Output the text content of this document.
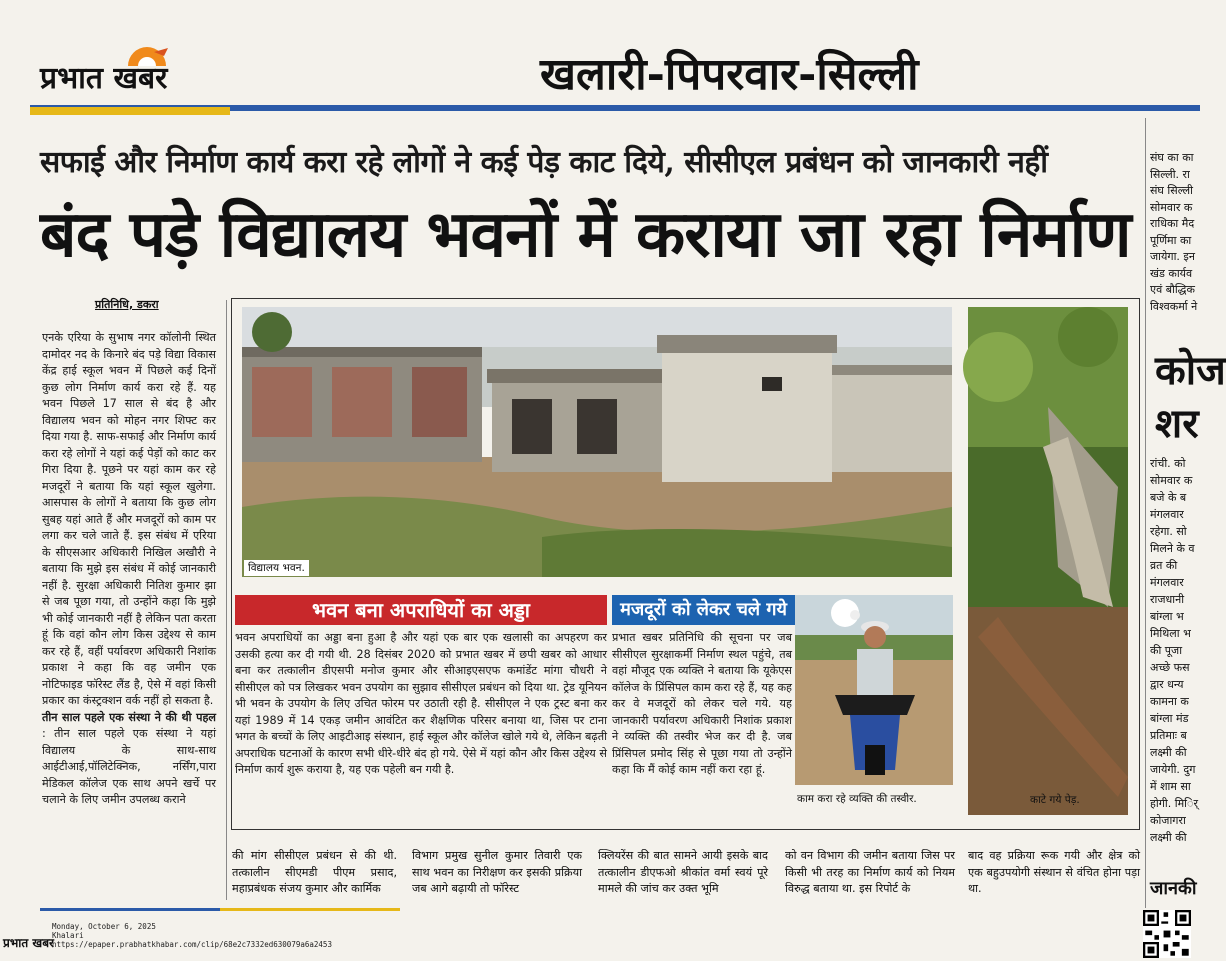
प्रभात खबर	खलारी-पिपरवार-सिल्ली
सफाई और निर्माण कार्य करा रहे लोगों ने कई पेड़ काट दिये, सीसीएल प्रबंधन को जानकारी नहीं
बंद पड़े विद्यालय भवनों में कराया जा रहा निर्माण
प्रतिनिधि, डकरा

एनके एरिया के सुभाष नगर कॉलोनी स्थित दामोदर नद के किनारे बंद पड़े विद्या विकास केंद्र हाई स्कूल भवन में पिछले कई दिनों कुछ लोग निर्माण कार्य करा रहे हैं. यह भवन पिछले 17 साल से बंद है और विद्यालय भवन को मोहन नगर शिफ्ट कर दिया गया है. साफ-सफाई और निर्माण कार्य करा रहे लोगों ने यहां कई पेड़ों को काट कर गिरा दिया है. पूछने पर यहां काम कर रहे मजदूरों ने बताया कि यहां स्कूल खुलेगा. आसपास के लोगों ने बताया कि कुछ लोग सुबह यहां आते हैं और मजदूरों को काम पर लगा कर चले जाते हैं. इस संबंध में एरिया के सीएसआर अधिकारी निखिल अखौरी ने बताया कि मुझे इस संबंध में कोई जानकारी नहीं है. सुरक्षा अधिकारी नितिश कुमार झा से जब पूछा गया, तो उन्होंने कहा कि मुझे भी कोई जानकारी नहीं है लेकिन पता करता हूं कि वहां कौन लोग किस उद्देश्य से काम कर रहे हैं, वहीं पर्यावरण अधिकारी निशांक प्रकाश ने कहा कि वह जमीन एक नोटिफाइड फॉरेस्ट लैंड है, ऐसे में वहां किसी प्रकार का कंस्ट्रक्शन वर्क नहीं हो सकता है.

तीन साल पहले एक संस्था ने की थी पहल : तीन साल पहले एक संस्था ने यहां विद्यालय के साथ-साथ आईटीआई,पॉलिटेक्निक, नर्सिंग,पारा मेडिकल कॉलेज एक साथ अपने खर्चे पर चलाने के लिए जमीन उपलब्ध कराने

विद्यालय भवन.
काटे गये पेड़.
भवन बना अपराधियों का अड्डा	मजदूरों को लेकर चले गये
भवन अपराधियों का अड्डा बना हुआ है और यहां एक बार एक खलासी का अपहरण कर उसकी हत्या कर दी गयी थी. 28 दिसंबर 2020 को प्रभात खबर में छपी खबर को आधार बना कर तत्कालीन डीएसपी मनोज कुमार और सीआइएसएफ कमांडेंट मांगा चौधरी ने सीसीएल को पत्र लिखकर भवन उपयोग का सुझाव सीसीएल प्रबंधन को दिया था. ट्रेड यूनियन भी भवन के उपयोग के लिए उचित फोरम पर उठाती रही है. सीसीएल ने एक ट्रस्ट बना कर यहां 1989 में 14 एकड़ जमीन आवंटित कर शैक्षणिक परिसर बनाया था, जिस पर टाना भगत के बच्चों के लिए आइटीआइ संस्थान, हाई स्कूल और कॉलेज खोले गये थे, लेकिन बढ़ती अपराधिक घटनाओं के कारण सभी धीरे-धीरे बंद हो गये. ऐसे में यहां कौन और किस उद्देश्य से निर्माण कार्य शुरू कराया है, यह एक पहेली बन गयी है.
प्रभात खबर प्रतिनिधि की सूचना पर जब सीसीएल सुरक्षाकर्मी निर्माण स्थल पहुंचे, तब वहां मौजूद एक व्यक्ति ने बताया कि यूकेएस कॉलेज के प्रिंसिपल काम करा रहे हैं, यह कह कर वे मजदूरों को लेकर चले गये. यह जानकारी पर्यावरण अधिकारी निशांक प्रकाश ने व्यक्ति की तस्वीर भेज कर दी है. जब प्रिंसिपल प्रमोद सिंह से पूछा गया तो उन्होंने कहा कि मैं कोई काम नहीं करा रहा हूं.
काम करा रहे व्यक्ति की तस्वीर.
की मांग सीसीएल प्रबंधन से की थी. तत्कालीन सीएमडी पीएम प्रसाद, महाप्रबंधक संजय कुमार और कार्मिक
विभाग प्रमुख सुनील कुमार तिवारी एक साथ भवन का निरीक्षण कर इसकी प्रक्रिया जब आगे बढ़ायी तो फॉरेस्ट
क्लियरेंस की बात सामने आयी इसके बाद तत्कालीन डीएफओ श्रीकांत वर्मा स्वयं पूरे मामले की जांच कर उक्त भूमि
को वन विभाग की जमीन बताया जिस पर किसी भी तरह का निर्माण कार्य को नियम विरुद्ध बताया था. इस रिपोर्ट के
बाद वह प्रक्रिया रूक गयी और क्षेत्र को एक बहुउपयोगी संस्थान से वंचित होना पड़ा था.
संघ का का सिल्ली. रा संघ सिल्ली सोमवार क राधिका मैद पूर्णिमा का जायेगा. इन खंड कार्यव एवं बौद्धिक विश्वकर्मा ने
कोज
शर
रांची. को सोमवार क बजे के ब मंगलवार रहेगा. सो मिलने के व व्रत की मंगलवार राजधानी बांग्ला भ मिथिला भ की पूजा अच्छे फस द्वार धन्य कामना क बांग्ला मंड प्रतिमाः ब लक्ष्मी की जायेगी. दुग में शाम सा होगी. मिर्ि कोजागरा लक्ष्मी की
जानकी
प्रभात खबर
Monday, October 6, 2025
Khalari
https://epaper.prabhatkhabar.com/clip/68e2c7332ed630079a6a2453
